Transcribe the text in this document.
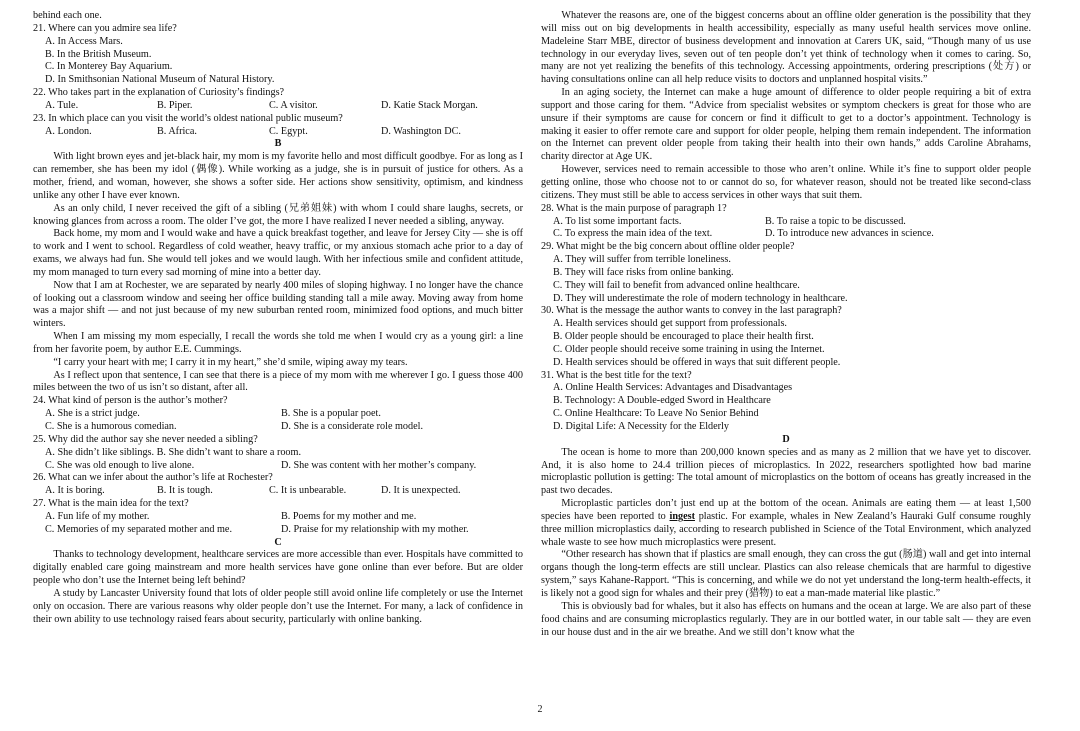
behind each one.

21. Where can you admire sea life?

A. In Access Mars.
B. In the British Museum.
C. In Monterey Bay Aquarium.
D. In Smithsonian National Museum of Natural History.

22. Who takes part in the explanation of Curiosity’s findings?

A. Tule.	B. Piper.	C. A visitor.	D. Katie Stack Morgan.

23. In which place can you visit the world’s oldest national public museum?

A. London.	B. Africa.	C. Egypt.	D. Washington DC.

B

With light brown eyes and jet-black hair, my mom is my favorite hello and most difficult goodbye. For as long as I can remember, she has been my idol (偶像). While working as a judge, she is in pursuit of justice for others. As a mother, friend, and woman, however, she shows a softer side. Her actions show sensitivity, optimism, and kindness unlike any other I have ever known.

As an only child, I never received the gift of a sibling (兄弟姐妹) with whom I could share laughs, secrets, or knowing glances from across a room. The older I’ve got, the more I have realized I never needed a sibling, anyway.

Back home, my mom and I would wake and have a quick breakfast together, and leave for Jersey City — she is off to work and I went to school. Regardless of cold weather, heavy traffic, or my anxious stomach ache prior to a day of exams, we always had fun. She would tell jokes and we would laugh. With her infectious smile and confident attitude, my mom managed to turn every sad morning of mine into a better day.

Now that I am at Rochester, we are separated by nearly 400 miles of sloping highway. I no longer have the chance of looking out a classroom window and seeing her office building standing tall a mile away. Moving away from home was a major shift — and not just because of my new suburban rented room, minimized food options, and much bitter winters.

When I am missing my mom especially, I recall the words she told me when I would cry as a young girl: a line from her favorite poem, by author E.E. Cummings.

“I carry your heart with me; I carry it in my heart,” she’d smile, wiping away my tears.

As I reflect upon that sentence, I can see that there is a piece of my mom with me wherever I go. I guess those 400 miles between the two of us isn’t so distant, after all.

24. What kind of person is the author’s mother?

A. She is a strict judge.	B. She is a popular poet.
C. She is a humorous comedian.	D. She is a considerate role model.

25. Why did the author say she never needed a sibling?

A. She didn’t like siblings. B. She didn’t want to share a room.
C. She was old enough to live alone.	D. She was content with her mother’s company.

26. What can we infer about the author’s life at Rochester?

A. It is boring.	B. It is tough.	C. It is unbearable.	D. It is unexpected.

27. What is the main idea for the text?

A. Fun life of my mother.	B. Poems for my mother and me.
C. Memories of my separated mother and me.	D. Praise for my relationship with my mother.

C

Thanks to technology development, healthcare services are more accessible than ever. Hospitals have committed to digitally enabled care going mainstream and more health services have gone online than ever before. But are older people who don’t use the Internet being left behind?

A study by Lancaster University found that lots of older people still avoid online life completely or use the Internet only on occasion. There are various reasons why older people don’t use the Internet. For many, a lack of confidence in their own ability to use technology raised fears about security, particularly with online banking.

Whatever the reasons are, one of the biggest concerns about an offline older generation is the possibility that they will miss out on big developments in health accessibility, especially as many useful health services move online. Madeleine Starr MBE, director of business development and innovation at Carers UK, said, “Though many of us use technology in our everyday lives, seven out of ten people don’t yet think of technology when it comes to caring. So, many are not yet realizing the benefits of this technology. Accessing appointments, ordering prescriptions (处方) or having consultations online can all help reduce visits to doctors and unplanned hospital visits.”

In an aging society, the Internet can make a huge amount of difference to older people requiring a bit of extra support and those caring for them. “Advice from specialist websites or symptom checkers is great for those who are unsure if their symptoms are cause for concern or find it difficult to get to a doctor’s appointment. Technology is making it easier to offer remote care and support for older people, helping them remain independent. The information on the Internet can prevent older people from taking their health into their own hands,” adds Caroline Abrahams, charity director at Age UK.

However, services need to remain accessible to those who aren’t online. While it’s fine to support older people getting online, those who choose not to or cannot do so, for whatever reason, should not be treated like second-class citizens. They must still be able to access services in other ways that suit them.

28. What is the main purpose of paragraph 1?

A. To list some important facts.	B. To raise a topic to be discussed.
C. To express the main idea of the text.	D. To introduce new advances in science.

29. What might be the big concern about offline older people?

A. They will suffer from terrible loneliness.
B. They will face risks from online banking.
C. They will fail to benefit from advanced online healthcare.
D. They will underestimate the role of modern technology in healthcare.

30. What is the message the author wants to convey in the last paragraph?

A. Health services should get support from professionals.
B. Older people should be encouraged to place their health first.
C. Older people should receive some training in using the Internet.
D. Health services should be offered in ways that suit different people.

31. What is the best title for the text?

A. Online Health Services: Advantages and Disadvantages
B. Technology: A Double-edged Sword in Healthcare
C. Online Healthcare: To Leave No Senior Behind
D. Digital Life: A Necessity for the Elderly

D

The ocean is home to more than 200,000 known species and as many as 2 million that we have yet to discover. And, it is also home to 24.4 trillion pieces of microplastics. In 2022, researchers spotlighted how bad marine microplastic pollution is getting: The total amount of microplastics on the bottom of oceans has greatly increased in the past two decades.

Microplastic particles don’t just end up at the bottom of the ocean. Animals are eating them — at least 1,500 species have been reported to ingest plastic. For example, whales in New Zealand’s Hauraki Gulf consume roughly three million microplastics daily, according to research published in Science of the Total Environment, which analyzed whale waste to see how much microplastics were present.

“Other research has shown that if plastics are small enough, they can cross the gut (肠道) wall and get into internal organs though the long-term effects are still unclear. Plastics can also release chemicals that are harmful to digestive system,” says Kahane-Rapport. “This is concerning, and while we do not yet understand the long-term health-effects, it is likely not a good sign for whales and their prey (猎物) to eat a man-made material like plastic.”

This is obviously bad for whales, but it also has effects on humans and the ocean at large. We are also part of these food chains and are consuming microplastics regularly. They are in our bottled water, in our table salt — they are even in our house dust and in the air we breathe. And we still don’t know what the

2
